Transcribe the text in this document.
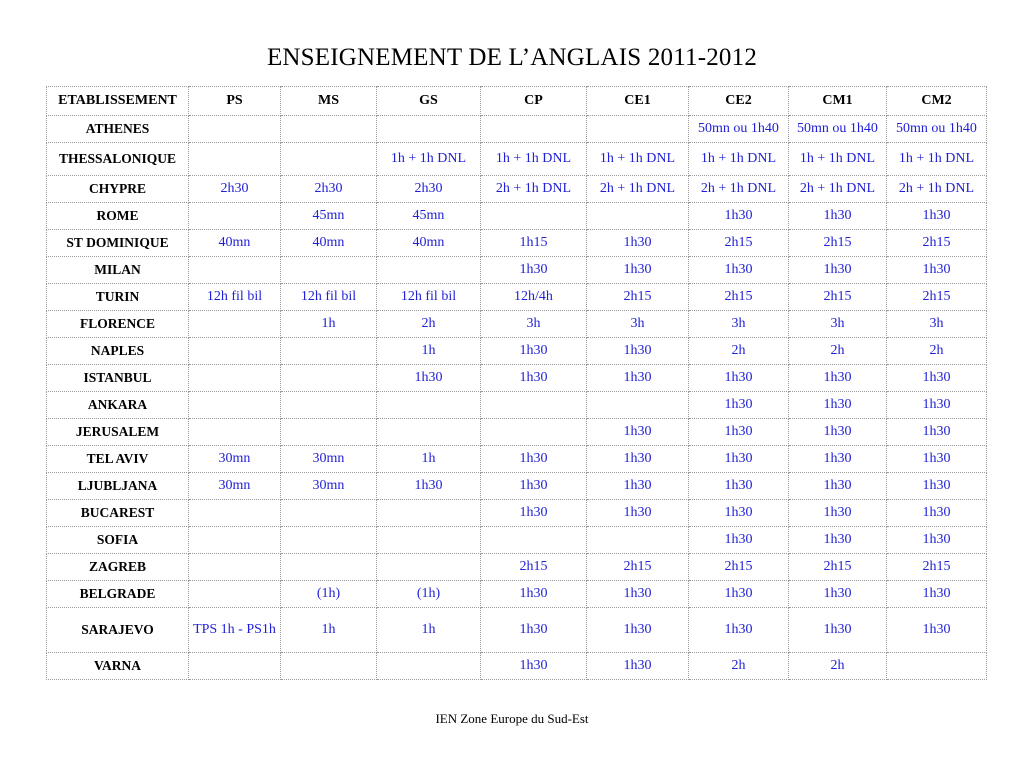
ENSEIGNEMENT DE L’ANGLAIS 2011-2012
ETABLISSEMENT	PS	MS	GS	CP	CE1	CE2	CM1	CM2
ATHENES						50mn ou 1h40	50mn ou 1h40	50mn ou 1h40
THESSALONIQUE			1h + 1h DNL	1h + 1h DNL	1h + 1h DNL	1h + 1h DNL	1h + 1h DNL	1h + 1h DNL
CHYPRE	2h30	2h30	2h30	2h + 1h DNL	2h + 1h DNL	2h + 1h DNL	2h + 1h DNL	2h + 1h DNL
ROME		45mn	45mn			1h30	1h30	1h30
ST DOMINIQUE	40mn	40mn	40mn	1h15	1h30	2h15	2h15	2h15
MILAN				1h30	1h30	1h30	1h30	1h30
TURIN	12h fil bil	12h fil bil	12h fil bil	12h/4h	2h15	2h15	2h15	2h15
FLORENCE		1h	2h	3h	3h	3h	3h	3h
NAPLES			1h	1h30	1h30	2h	2h	2h
ISTANBUL			1h30	1h30	1h30	1h30	1h30	1h30
ANKARA						1h30	1h30	1h30
JERUSALEM					1h30	1h30	1h30	1h30
TEL AVIV	30mn	30mn	1h	1h30	1h30	1h30	1h30	1h30
LJUBLJANA	30mn	30mn	1h30	1h30	1h30	1h30	1h30	1h30
BUCAREST				1h30	1h30	1h30	1h30	1h30
SOFIA						1h30	1h30	1h30
ZAGREB				2h15	2h15	2h15	2h15	2h15
BELGRADE		(1h)	(1h)	1h30	1h30	1h30	1h30	1h30
SARAJEVO	TPS 1h - PS1h	1h	1h	1h30	1h30	1h30	1h30	1h30
VARNA				1h30	1h30	2h	2h	
IEN Zone Europe du Sud-Est
